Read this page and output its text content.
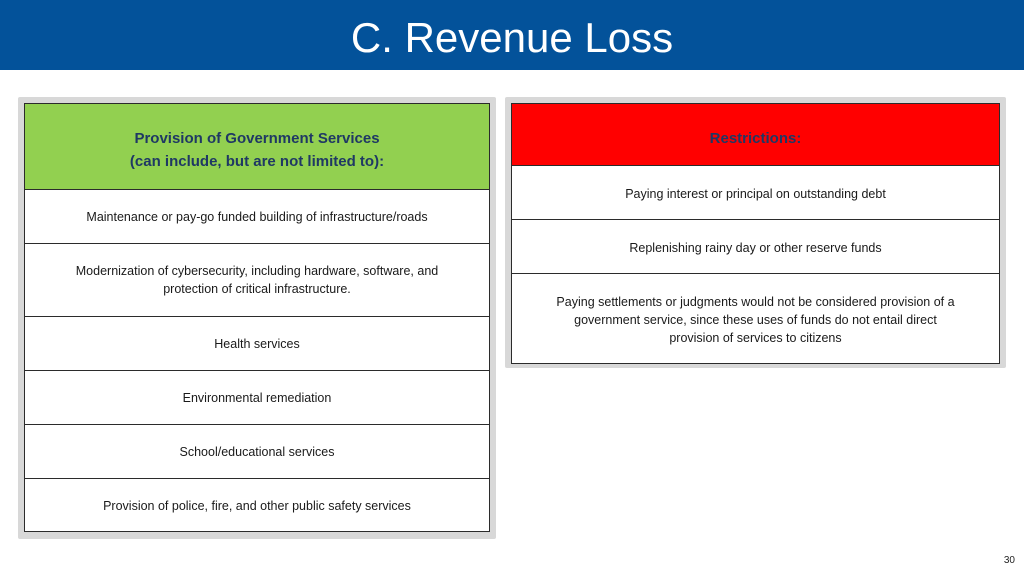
C. Revenue Loss
Provision of Government Services
(can include, but are not limited to):
Maintenance or pay-go funded building of infrastructure/roads
Modernization of cybersecurity, including hardware, software, and
protection of critical infrastructure.
Health services
Environmental remediation
School/educational services
Provision of police, fire, and other public safety services
Restrictions:
Paying interest or principal on outstanding debt
Replenishing rainy day or other reserve funds
Paying settlements or judgments would not be considered provision of a
government service, since these uses of funds do not entail direct
provision of services to citizens
30
